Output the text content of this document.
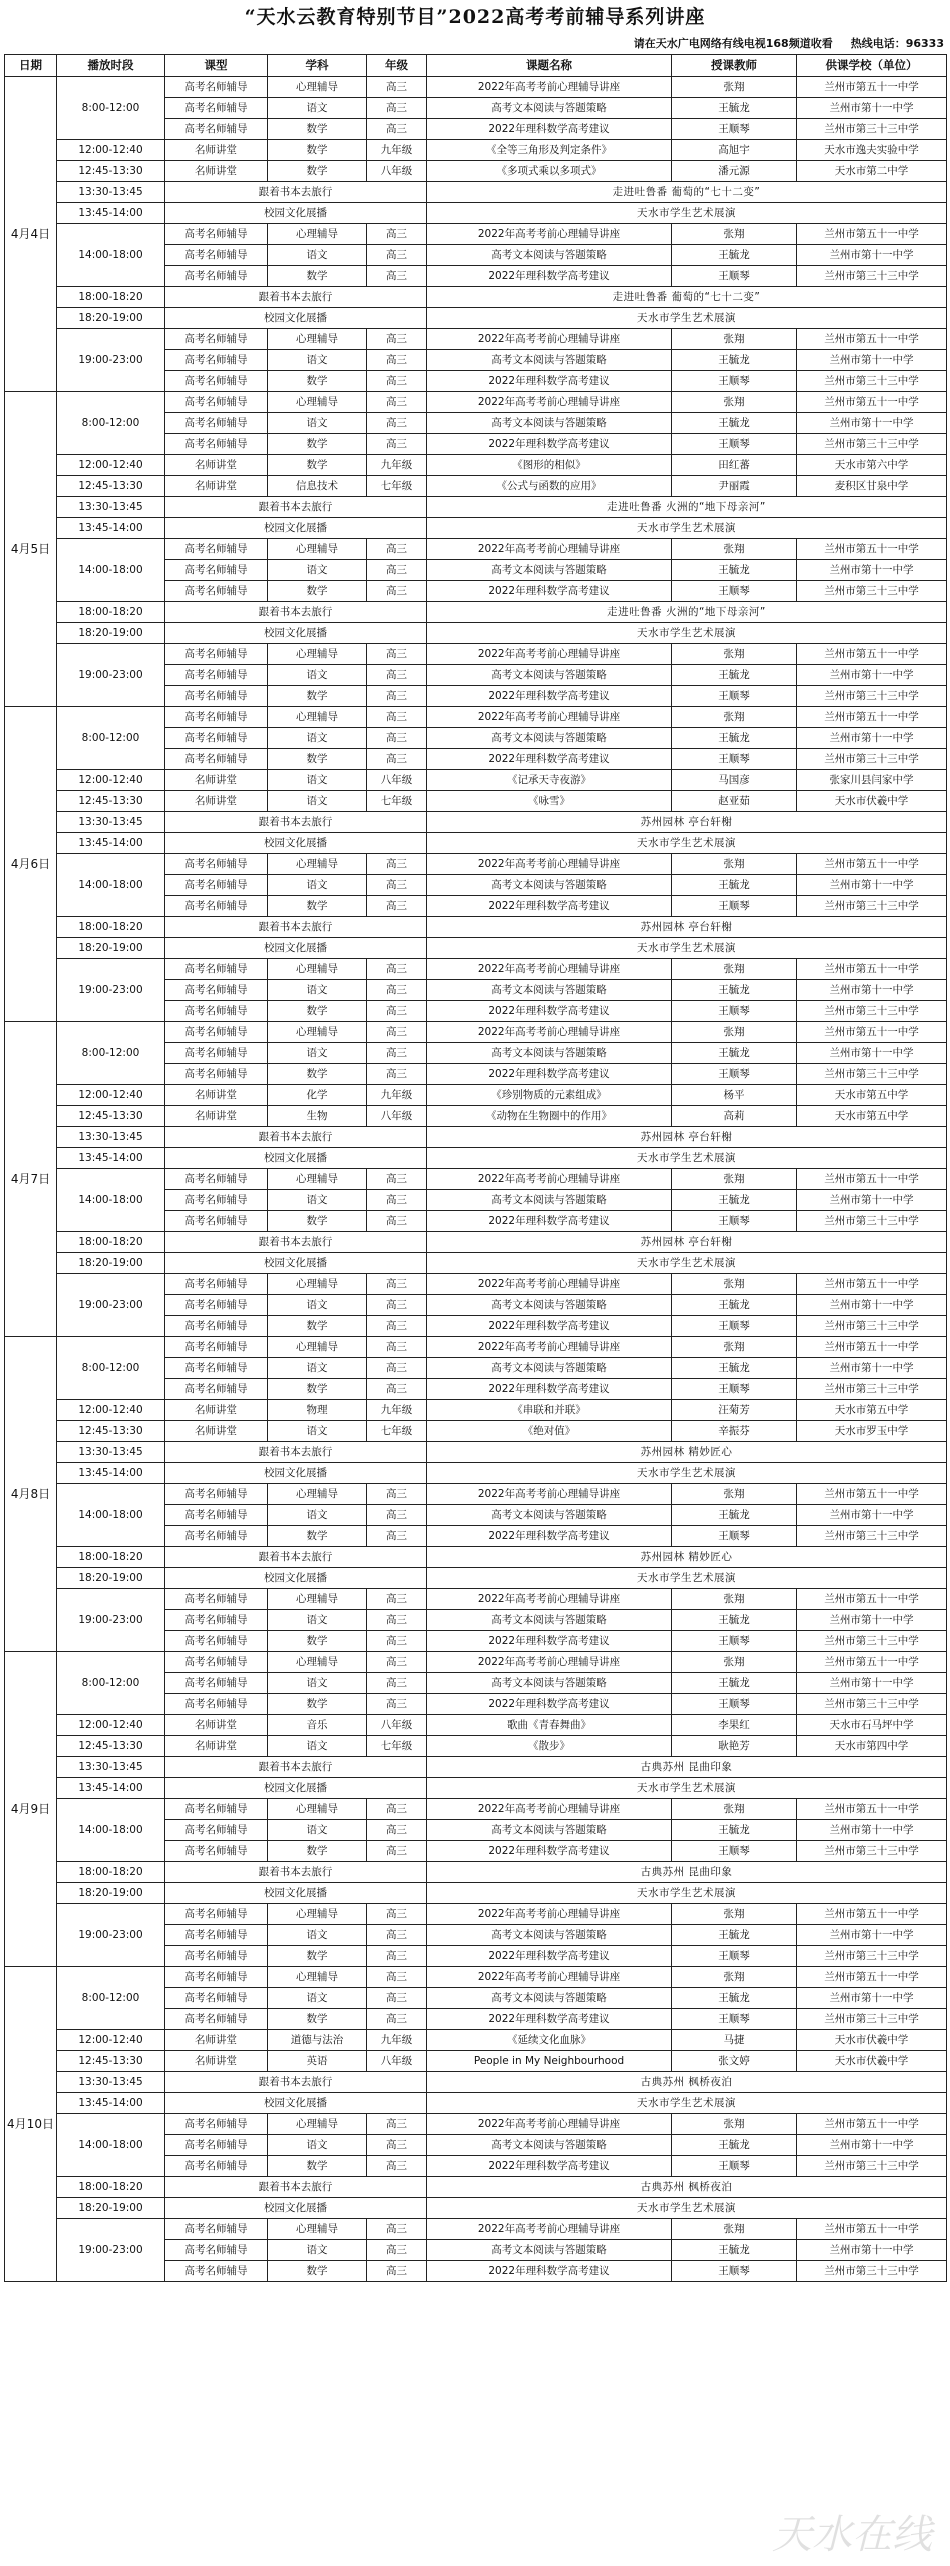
“天水云教育特别节目”2022高考考前辅导系列讲座
请在天水广电网络有线电视168频道收看 热线电话：96333
日期	播放时段	课型	学科	年级	课题名称	授课教师	供课学校（单位）	
4月4日	8:00-12:00	高考名师辅导	心理辅导	高三	2022年高考考前心理辅导讲座	张翔	兰州市第五十一中学	
		高考名师辅导	语文	高三	高考文本阅读与答题策略	王毓龙	兰州市第十一中学	
		高考名师辅导	数学	高三	2022年理科数学高考建议	王顺琴	兰州市第三十三中学	
	12:00-12:40	名师讲堂	数学	九年级	《全等三角形及判定条件》	高旭宇	天水市逸夫实验中学	
	12:45-13:30	名师讲堂	数学	八年级	《多项式乘以多项式》	潘元源	天水市第二中学	
	13:30-13:45	跟着书本去旅行			走进吐鲁番 葡萄的“七十二变”	
	13:45-14:00	校园文化展播			天水市学生艺术展演	
	14:00-18:00	高考名师辅导	心理辅导	高三	2022年高考考前心理辅导讲座	张翔	兰州市第五十一中学	
		高考名师辅导	语文	高三	高考文本阅读与答题策略	王毓龙	兰州市第十一中学	
		高考名师辅导	数学	高三	2022年理科数学高考建议	王顺琴	兰州市第三十三中学	
	18:00-18:20	跟着书本去旅行			走进吐鲁番 葡萄的“七十二变”	
	18:20-19:00	校园文化展播			天水市学生艺术展演	
	19:00-23:00	高考名师辅导	心理辅导	高三	2022年高考考前心理辅导讲座	张翔	兰州市第五十一中学	
		高考名师辅导	语文	高三	高考文本阅读与答题策略	王毓龙	兰州市第十一中学	
		高考名师辅导	数学	高三	2022年理科数学高考建议	王顺琴	兰州市第三十三中学	
4月5日	8:00-12:00	高考名师辅导	心理辅导	高三	2022年高考考前心理辅导讲座	张翔	兰州市第五十一中学	
		高考名师辅导	语文	高三	高考文本阅读与答题策略	王毓龙	兰州市第十一中学	
		高考名师辅导	数学	高三	2022年理科数学高考建议	王顺琴	兰州市第三十三中学	
	12:00-12:40	名师讲堂	数学	九年级	《图形的相似》	田红蕃	天水市第六中学	
	12:45-13:30	名师讲堂	信息技术	七年级	《公式与函数的应用》	尹丽霞	麦积区甘泉中学	
	13:30-13:45	跟着书本去旅行			走进吐鲁番 火洲的“地下母亲河”	
	13:45-14:00	校园文化展播			天水市学生艺术展演	
	14:00-18:00	高考名师辅导	心理辅导	高三	2022年高考考前心理辅导讲座	张翔	兰州市第五十一中学	
		高考名师辅导	语文	高三	高考文本阅读与答题策略	王毓龙	兰州市第十一中学	
		高考名师辅导	数学	高三	2022年理科数学高考建议	王顺琴	兰州市第三十三中学	
	18:00-18:20	跟着书本去旅行			走进吐鲁番 火洲的“地下母亲河”	
	18:20-19:00	校园文化展播			天水市学生艺术展演	
	19:00-23:00	高考名师辅导	心理辅导	高三	2022年高考考前心理辅导讲座	张翔	兰州市第五十一中学	
		高考名师辅导	语文	高三	高考文本阅读与答题策略	王毓龙	兰州市第十一中学	
		高考名师辅导	数学	高三	2022年理科数学高考建议	王顺琴	兰州市第三十三中学	
4月6日	8:00-12:00	高考名师辅导	心理辅导	高三	2022年高考考前心理辅导讲座	张翔	兰州市第五十一中学	
		高考名师辅导	语文	高三	高考文本阅读与答题策略	王毓龙	兰州市第十一中学	
		高考名师辅导	数学	高三	2022年理科数学高考建议	王顺琴	兰州市第三十三中学	
	12:00-12:40	名师讲堂	语文	八年级	《记承天寺夜游》	马国彦	张家川县闫家中学	
	12:45-13:30	名师讲堂	语文	七年级	《咏雪》	赵亚茹	天水市伏羲中学	
	13:30-13:45	跟着书本去旅行			苏州园林 亭台轩榭	
	13:45-14:00	校园文化展播			天水市学生艺术展演	
	14:00-18:00	高考名师辅导	心理辅导	高三	2022年高考考前心理辅导讲座	张翔	兰州市第五十一中学	
		高考名师辅导	语文	高三	高考文本阅读与答题策略	王毓龙	兰州市第十一中学	
		高考名师辅导	数学	高三	2022年理科数学高考建议	王顺琴	兰州市第三十三中学	
	18:00-18:20	跟着书本去旅行			苏州园林 亭台轩榭	
	18:20-19:00	校园文化展播			天水市学生艺术展演	
	19:00-23:00	高考名师辅导	心理辅导	高三	2022年高考考前心理辅导讲座	张翔	兰州市第五十一中学	
		高考名师辅导	语文	高三	高考文本阅读与答题策略	王毓龙	兰州市第十一中学	
		高考名师辅导	数学	高三	2022年理科数学高考建议	王顺琴	兰州市第三十三中学	
4月7日	8:00-12:00	高考名师辅导	心理辅导	高三	2022年高考考前心理辅导讲座	张翔	兰州市第五十一中学	
		高考名师辅导	语文	高三	高考文本阅读与答题策略	王毓龙	兰州市第十一中学	
		高考名师辅导	数学	高三	2022年理科数学高考建议	王顺琴	兰州市第三十三中学	
	12:00-12:40	名师讲堂	化学	九年级	《珍别物质的元素组成》	杨平	天水市第五中学	
	12:45-13:30	名师讲堂	生物	八年级	《动物在生物圈中的作用》	高莉	天水市第五中学	
	13:30-13:45	跟着书本去旅行			苏州园林 亭台轩榭	
	13:45-14:00	校园文化展播			天水市学生艺术展演	
	14:00-18:00	高考名师辅导	心理辅导	高三	2022年高考考前心理辅导讲座	张翔	兰州市第五十一中学	
		高考名师辅导	语文	高三	高考文本阅读与答题策略	王毓龙	兰州市第十一中学	
		高考名师辅导	数学	高三	2022年理科数学高考建议	王顺琴	兰州市第三十三中学	
	18:00-18:20	跟着书本去旅行			苏州园林 亭台轩榭	
	18:20-19:00	校园文化展播			天水市学生艺术展演	
	19:00-23:00	高考名师辅导	心理辅导	高三	2022年高考考前心理辅导讲座	张翔	兰州市第五十一中学	
		高考名师辅导	语文	高三	高考文本阅读与答题策略	王毓龙	兰州市第十一中学	
		高考名师辅导	数学	高三	2022年理科数学高考建议	王顺琴	兰州市第三十三中学	
4月8日	8:00-12:00	高考名师辅导	心理辅导	高三	2022年高考考前心理辅导讲座	张翔	兰州市第五十一中学	
		高考名师辅导	语文	高三	高考文本阅读与答题策略	王毓龙	兰州市第十一中学	
		高考名师辅导	数学	高三	2022年理科数学高考建议	王顺琴	兰州市第三十三中学	
	12:00-12:40	名师讲堂	物理	九年级	《串联和并联》	汪菊芳	天水市第五中学	
	12:45-13:30	名师讲堂	语文	七年级	《绝对值》	辛振芬	天水市罗玉中学	
	13:30-13:45	跟着书本去旅行			苏州园林 精妙匠心	
	13:45-14:00	校园文化展播			天水市学生艺术展演	
	14:00-18:00	高考名师辅导	心理辅导	高三	2022年高考考前心理辅导讲座	张翔	兰州市第五十一中学	
		高考名师辅导	语文	高三	高考文本阅读与答题策略	王毓龙	兰州市第十一中学	
		高考名师辅导	数学	高三	2022年理科数学高考建议	王顺琴	兰州市第三十三中学	
	18:00-18:20	跟着书本去旅行			苏州园林 精妙匠心	
	18:20-19:00	校园文化展播			天水市学生艺术展演	
	19:00-23:00	高考名师辅导	心理辅导	高三	2022年高考考前心理辅导讲座	张翔	兰州市第五十一中学	
		高考名师辅导	语文	高三	高考文本阅读与答题策略	王毓龙	兰州市第十一中学	
		高考名师辅导	数学	高三	2022年理科数学高考建议	王顺琴	兰州市第三十三中学	
4月9日	8:00-12:00	高考名师辅导	心理辅导	高三	2022年高考考前心理辅导讲座	张翔	兰州市第五十一中学	
		高考名师辅导	语文	高三	高考文本阅读与答题策略	王毓龙	兰州市第十一中学	
		高考名师辅导	数学	高三	2022年理科数学高考建议	王顺琴	兰州市第三十三中学	
	12:00-12:40	名师讲堂	音乐	八年级	歌曲《青春舞曲》	李果红	天水市石马坪中学	
	12:45-13:30	名师讲堂	语文	七年级	《散步》	耿艳芳	天水市第四中学	
	13:30-13:45	跟着书本去旅行			古典苏州 昆曲印象	
	13:45-14:00	校园文化展播			天水市学生艺术展演	
	14:00-18:00	高考名师辅导	心理辅导	高三	2022年高考考前心理辅导讲座	张翔	兰州市第五十一中学	
		高考名师辅导	语文	高三	高考文本阅读与答题策略	王毓龙	兰州市第十一中学	
		高考名师辅导	数学	高三	2022年理科数学高考建议	王顺琴	兰州市第三十三中学	
	18:00-18:20	跟着书本去旅行			古典苏州 昆曲印象	
	18:20-19:00	校园文化展播			天水市学生艺术展演	
	19:00-23:00	高考名师辅导	心理辅导	高三	2022年高考考前心理辅导讲座	张翔	兰州市第五十一中学	
		高考名师辅导	语文	高三	高考文本阅读与答题策略	王毓龙	兰州市第十一中学	
		高考名师辅导	数学	高三	2022年理科数学高考建议	王顺琴	兰州市第三十三中学	
4月10日	8:00-12:00	高考名师辅导	心理辅导	高三	2022年高考考前心理辅导讲座	张翔	兰州市第五十一中学	
		高考名师辅导	语文	高三	高考文本阅读与答题策略	王毓龙	兰州市第十一中学	
		高考名师辅导	数学	高三	2022年理科数学高考建议	王顺琴	兰州市第三十三中学	
	12:00-12:40	名师讲堂	道德与法治	九年级	《延续文化血脉》	马捷	天水市伏羲中学	
	12:45-13:30	名师讲堂	英语	八年级	People in My Neighbourhood	张文婷	天水市伏羲中学	
	13:30-13:45	跟着书本去旅行			古典苏州 枫桥夜泊	
	13:45-14:00	校园文化展播			天水市学生艺术展演	
	14:00-18:00	高考名师辅导	心理辅导	高三	2022年高考考前心理辅导讲座	张翔	兰州市第五十一中学	
		高考名师辅导	语文	高三	高考文本阅读与答题策略	王毓龙	兰州市第十一中学	
		高考名师辅导	数学	高三	2022年理科数学高考建议	王顺琴	兰州市第三十三中学	
	18:00-18:20	跟着书本去旅行			古典苏州 枫桥夜泊	
	18:20-19:00	校园文化展播			天水市学生艺术展演	
	19:00-23:00	高考名师辅导	心理辅导	高三	2022年高考考前心理辅导讲座	张翔	兰州市第五十一中学	
		高考名师辅导	语文	高三	高考文本阅读与答题策略	王毓龙	兰州市第十一中学	
		高考名师辅导	数学	高三	2022年理科数学高考建议	王顺琴	兰州市第三十三中学	
天水在线
